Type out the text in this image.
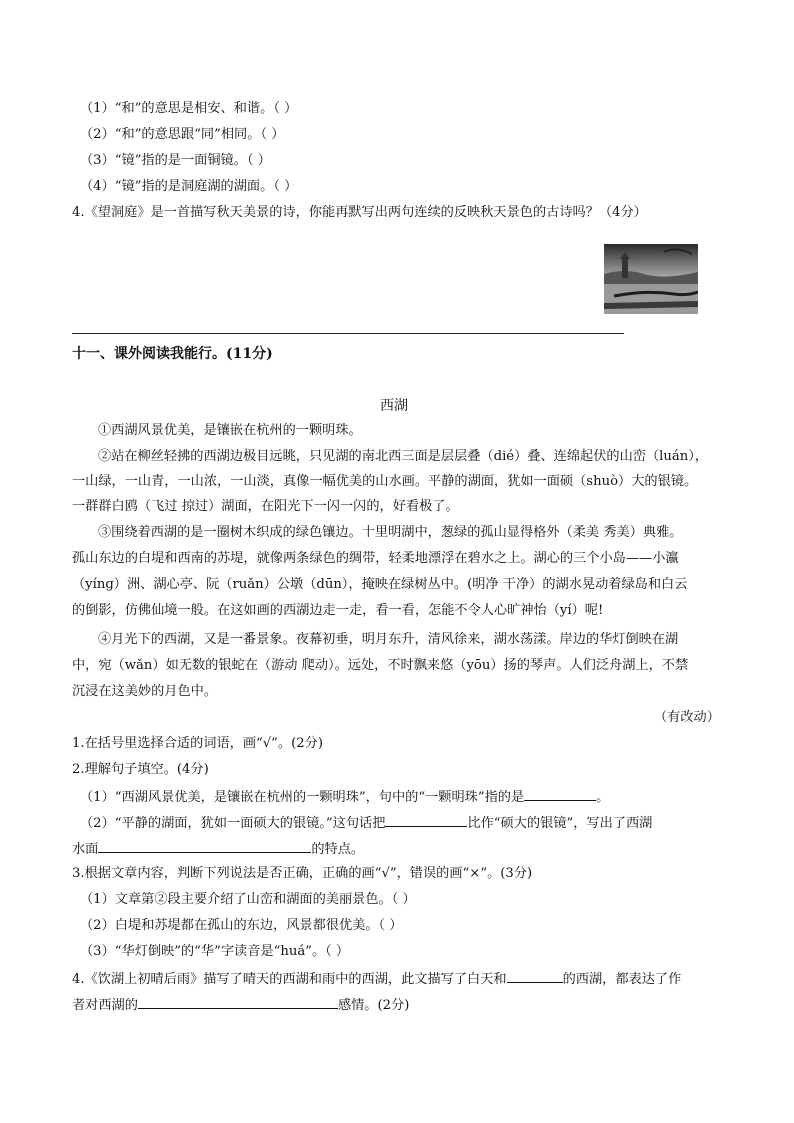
（1）“和”的意思是相安、和谐。（ ）
（2）“和”的意思跟“同”相同。（ ）
（3）“镜”指的是一面铜镜。（ ）
（4）“镜”指的是洞庭湖的湖面。（ ）
4.《望洞庭》是一首描写秋天美景的诗，你能再默写出两句连续的反映秋天景色的古诗吗？（4分）
十一、课外阅读我能行。(11分)
西湖
①西湖风景优美，是镶嵌在杭州的一颗明珠。
②站在柳丝轻拂的西湖边极目远眺，只见湖的南北西三面是层层叠（dié）叠、连绵起伏的山峦（luán），
一山绿，一山青，一山浓，一山淡，真像一幅优美的山水画。平静的湖面，犹如一面硕（shuò）大的银镜。
一群群白鸥（飞过 掠过）湖面，在阳光下一闪一闪的，好看极了。
③围绕着西湖的是一圈树木织成的绿色镶边。十里明湖中，葱绿的孤山显得格外（柔美 秀美）典雅。
孤山东边的白堤和西南的苏堤，就像两条绿色的绸带，轻柔地漂浮在碧水之上。湖心的三个小岛——小瀛
（yíng）洲、湖心亭、阮（ruǎn）公墩（dūn），掩映在绿树丛中。(明净 干净）的湖水晃动着绿岛和白云
的倒影，仿佛仙境一般。在这如画的西湖边走一走，看一看，怎能不令人心旷神怡（yí）呢!
④月光下的西湖，又是一番景象。夜幕初垂，明月东升，清风徐来，湖水荡漾。岸边的华灯倒映在湖
中，宛（wǎn）如无数的银蛇在（游动 爬动）。远处，不时飘来悠（yōu）扬的琴声。人们泛舟湖上，不禁
沉浸在这美妙的月色中。
（有改动）
1.在括号里选择合适的词语，画“√”。(2分)
2.理解句子填空。(4分)
（1）“西湖风景优美，是镶嵌在杭州的一颗明珠”，句中的“一颗明珠”指的是	。
（2）“平静的湖面，犹如一面硕大的银镜。”这句话把	比作“硕大的银镜”，写出了西湖
水面	的特点。
3.根据文章内容，判断下列说法是否正确，正确的画“√”，错误的画“×”。(3分)
（1）文章第②段主要介绍了山峦和湖面的美丽景色。（ ）
（2）白堤和苏堤都在孤山的东边，风景都很优美。（ ）
（3）“华灯倒映”的“华”字读音是“huá”。（ ）
4.《饮湖上初晴后雨》描写了晴天的西湖和雨中的西湖，此文描写了白天和	的西湖，都表达了作
者对西湖的	感情。(2分)
